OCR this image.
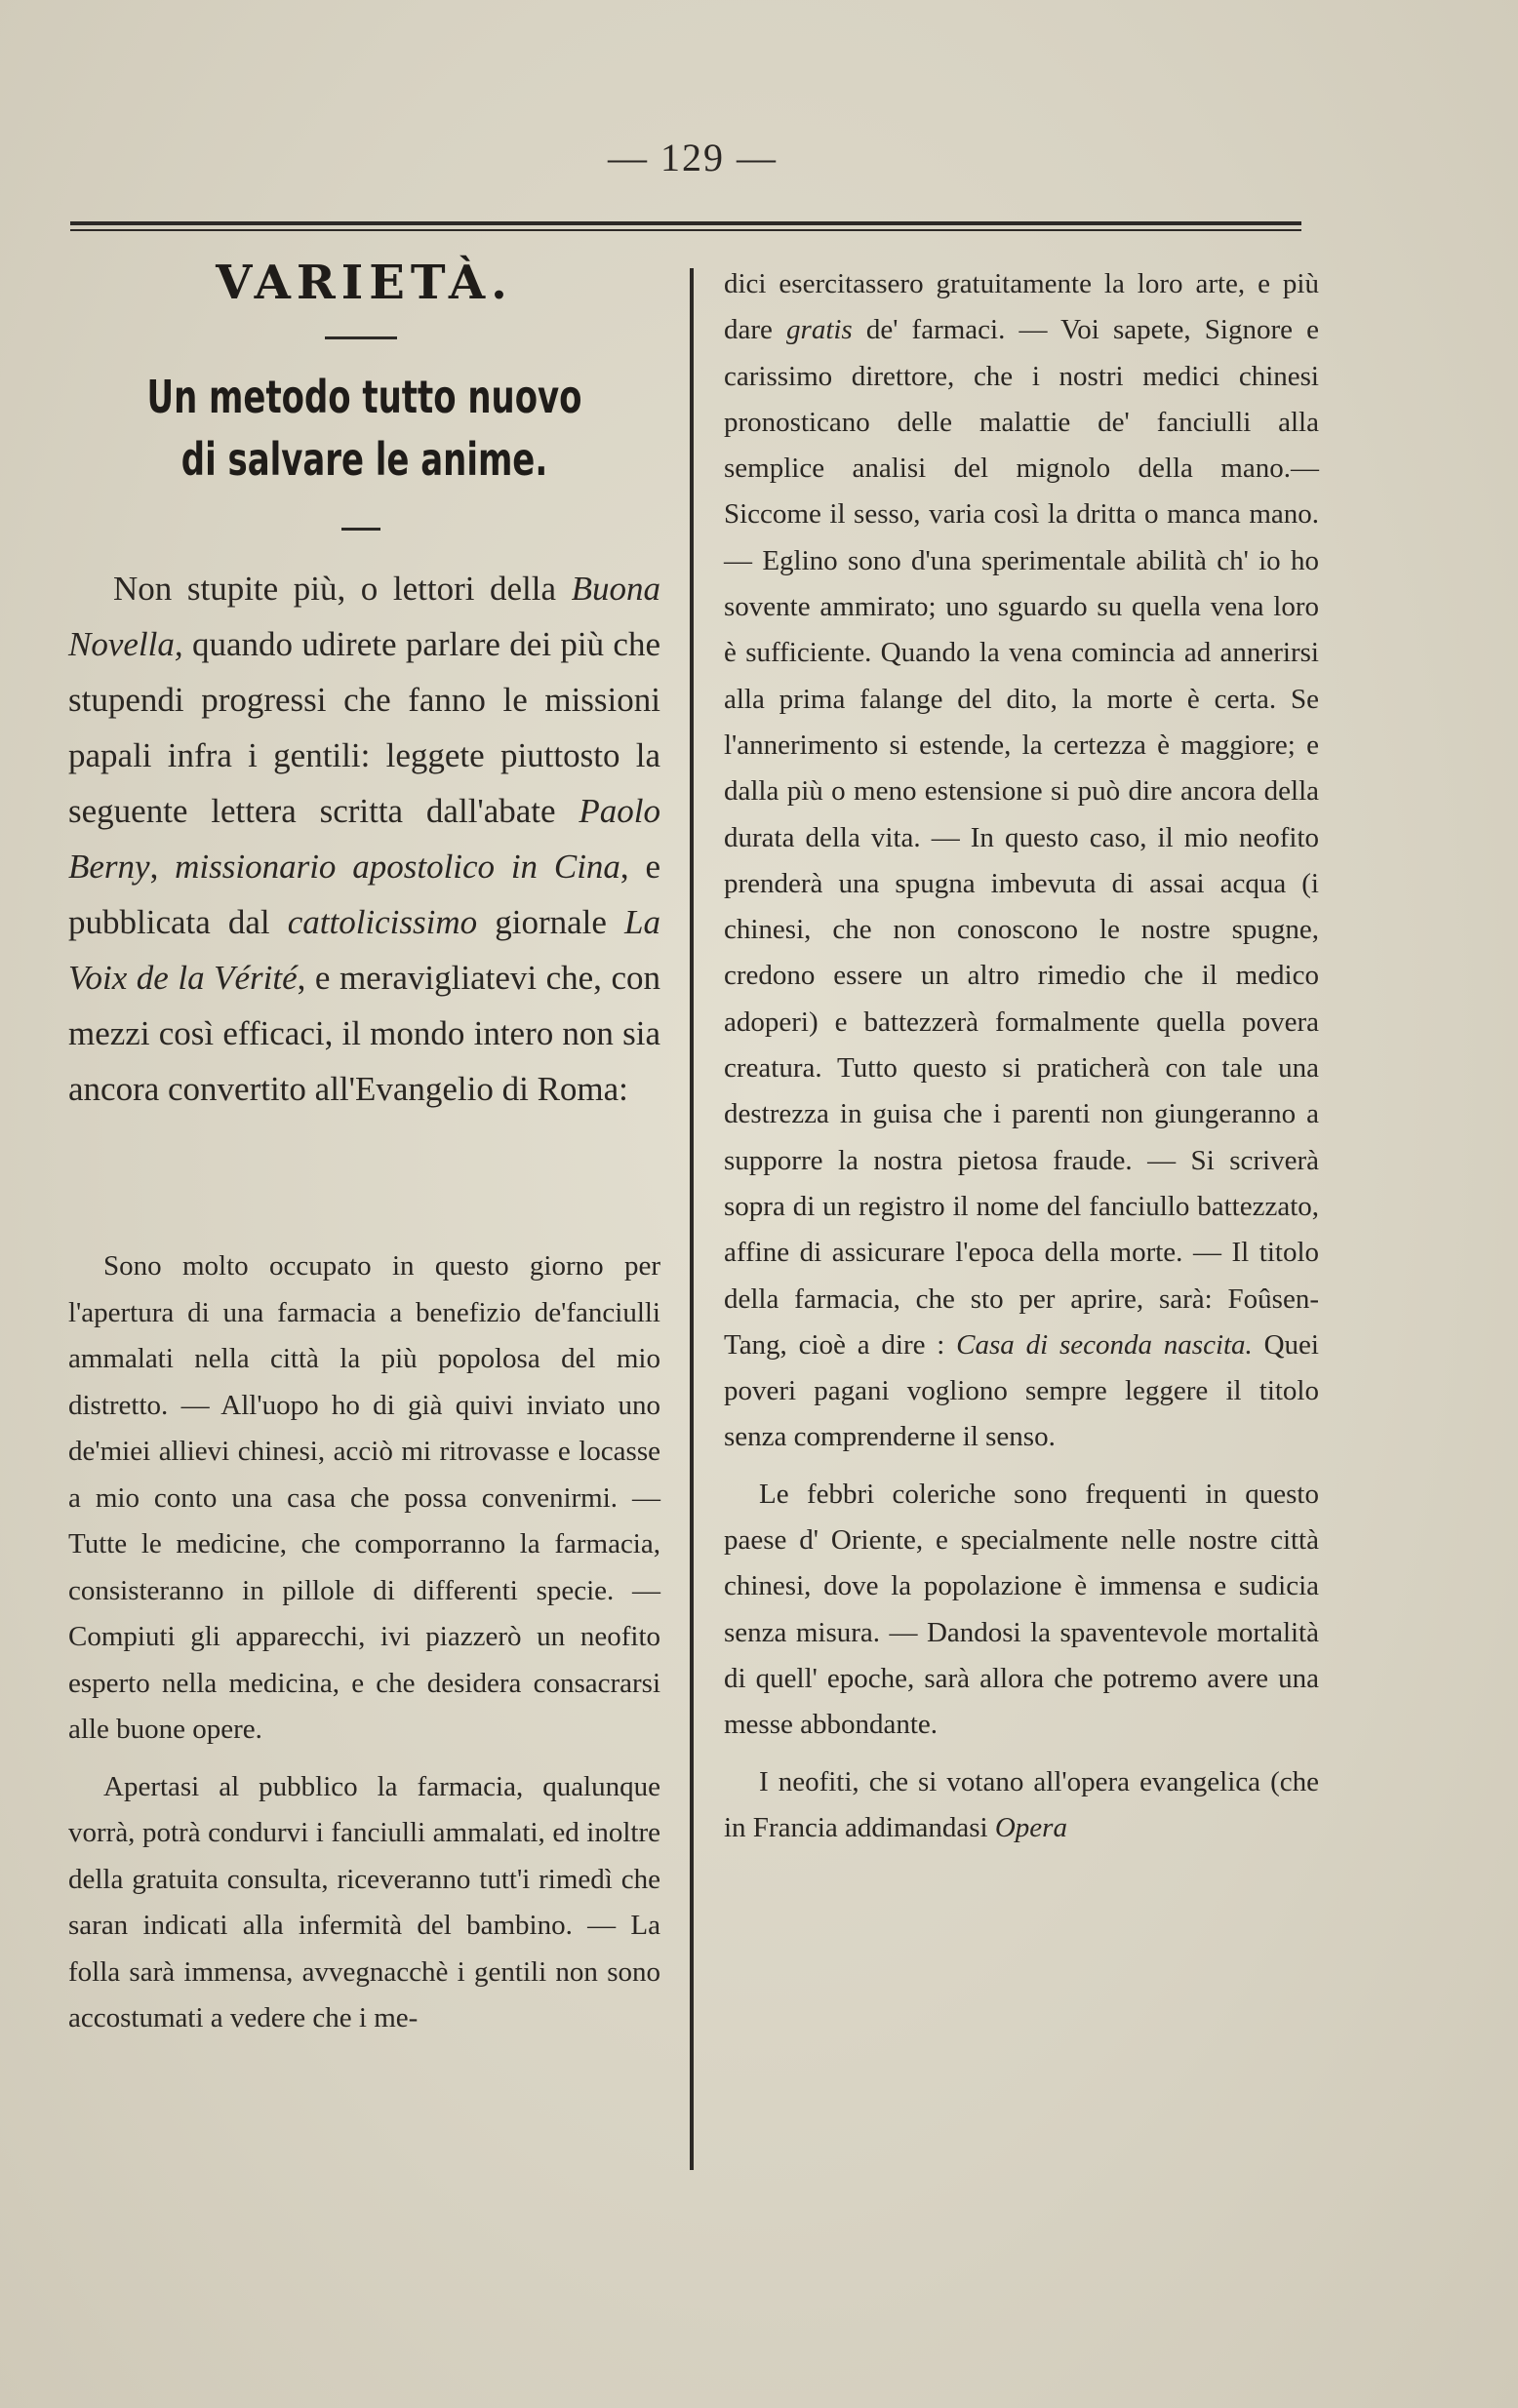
— 129 —
VARIETÀ.
Un metodo tutto nuovo
di salvare le anime.

Non stupite più, o lettori della Buona Novella, quando udirete parlare dei più che stupendi progressi che fanno le missioni papali infra i gentili: leggete piuttosto la seguente lettera scritta dall'abate Paolo Berny, missionario apostolico in Cina, e pubblicata dal cattolicissimo giornale La Voix de la Vérité, e meravigliatevi che, con mezzi così efficaci, il mondo intero non sia ancora convertito all'Evangelio di Roma:

Sono molto occupato in questo giorno per l'apertura di una farmacia a benefizio de'fanciulli ammalati nella città la più popolosa del mio distretto. — All'uopo ho di già quivi inviato uno de'miei allievi chinesi, acciò mi ritrovasse e locasse a mio conto una casa che possa convenirmi. — Tutte le medicine, che comporranno la farmacia, consisteranno in pillole di differenti specie. — Compiuti gli apparecchi, ivi piazzerò un neofito esperto nella medicina, e che desidera consacrarsi alle buone opere.

Apertasi al pubblico la farmacia, qualunque vorrà, potrà condurvi i fanciulli ammalati, ed inoltre della gratuita consulta, riceveranno tutt'i rimedì che saran indicati alla infermità del bambino. — La folla sarà immensa, avvegnacchè i gentili non sono accostumati a vedere che i me-

dici esercitassero gratuitamente la loro arte, e più dare gratis de' farmaci. — Voi sapete, Signore e carissimo direttore, che i nostri medici chinesi pronosticano delle malattie de' fanciulli alla semplice analisi del mignolo della mano.— Siccome il sesso, varia così la dritta o manca mano. — Eglino sono d'una sperimentale abilità ch' io ho sovente ammirato; uno sguardo su quella vena loro è sufficiente. Quando la vena comincia ad annerirsi alla prima falange del dito, la morte è certa. Se l'annerimento si estende, la certezza è maggiore; e dalla più o meno estensione si può dire ancora della durata della vita. — In questo caso, il mio neofito prenderà una spugna imbevuta di assai acqua (i chinesi, che non conoscono le nostre spugne, credono essere un altro rimedio che il medico adoperi) e battezzerà formalmente quella povera creatura. Tutto questo si praticherà con tale una destrezza in guisa che i parenti non giungeranno a supporre la nostra pietosa fraude. — Si scriverà sopra di un registro il nome del fanciullo battezzato, affine di assicurare l'epoca della morte. — Il titolo della farmacia, che sto per aprire, sarà: Foûsen-Tang, cioè a dire : Casa di seconda nascita. Quei poveri pagani vogliono sempre leggere il titolo senza comprenderne il senso.

Le febbri coleriche sono frequenti in questo paese d' Oriente, e specialmente nelle nostre città chinesi, dove la popolazione è immensa e sudicia senza misura. — Dandosi la spaventevole mortalità di quell' epoche, sarà allora che potremo avere una messe abbondante.

I neofiti, che si votano all'opera evangelica (che in Francia addimandasi Opera
